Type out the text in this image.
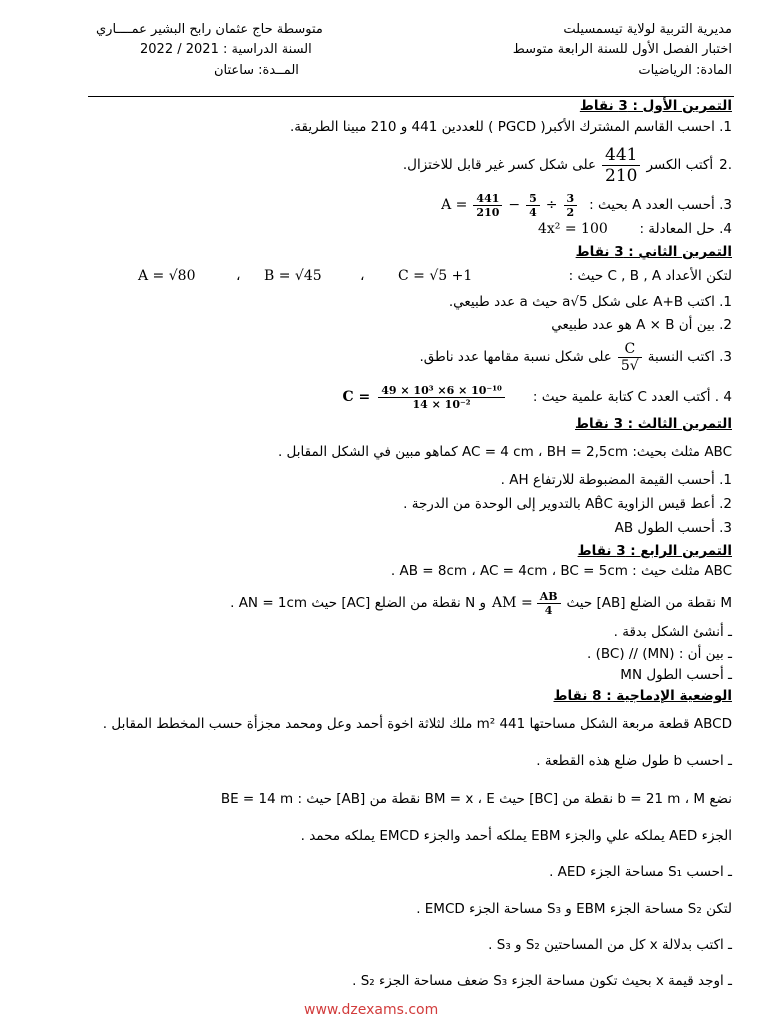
مديرية التربية لولاية تيسمسيلت
اختبار الفصل الأول للسنة الرابعة متوسط
المادة: الرياضيات
متوسطة حاج عثمان رابح البشير عمــــاري
السنة الدراسية : 2021 / 2022
المــدة: ساعتان
التمرين الأول : 3 نقاط
1. احسب القاسم المشترك الأكبر( PGCD ) للعددين 441 و 210 مبينا الطريقة.
.2
أكتب الكسر
$\frac{441}{210}$
على شكل كسر غير قابل للاختزال.
$A = \frac{441}{210} - \frac{5}{4} \div \frac{3}{2} 3$. أحسب العدد A بحيث :
4. حل المعادلة :
4x² = 100
التمرين الثاني : 3 نقاط
لتكن الأعداد C , B , A حيث :
C = √5 +1
،
B = √45
،
A = √80
1. اكتب A+B على شكل a√5 حيث a عدد طبيعي.
2. بين أن A × B هو عدد طبيعي
3. اكتب النسبة
$\frac{C}{√5}$
على شكل نسبة مقامها عدد ناطق.
$C = \frac{\text{49 × 10³ ×6 × 10⁻¹⁰}}{\text{14 × 10⁻²}} 4$ . أكتب العدد C كتابة علمية حيث :
التمرين الثالث : 3 نقاط
ABC مثلث بحيث: AC = 4 cm ، BH = 2,5cm كماهو مبين في الشكل المقابل .
1. أحسب القيمة المضبوطة للارتفاع AH .
2. أعط قيس الزاوية AB̂C بالتدوير إلى الوحدة من الدرجة .
3. أحسب الطول AB
التمرين الرابع : 3 نقاط
ABC مثلث حيث : AB = 8cm ، AC = 4cm ، BC = 5cm .
M نقطة من الضلع [AB] حيث
AM = $\frac{AB}{4}$
و N نقطة من الضلع [AC] حيث AN = 1cm .
ـ أنشئ الشكل بدقة .
ـ بين أن : (MN) // (BC) .
ـ أحسب الطول MN
الوضعية الإدماجية : 8 نقاط
ABCD قطعة مربعة الشكل مساحتها 441 m² ملك لثلاثة اخوة أحمد وعل ومحمد مجزأة حسب المخطط المقابل .
ـ احسب b طول ضلع هذه القطعة .
نضع b = 21 m ، M نقطة من [BC] حيث BM = x ، E نقطة من [AB] حيث : BE = 14 m
الجزء AED يملكه علي والجزء EBM يملكه أحمد والجزء EMCD يملكه محمد .
ـ احسب S₁ مساحة الجزء AED .
لتكن S₂ مساحة الجزء EBM و S₃ مساحة الجزء EMCD .
ـ اكتب بدلالة x كل من المساحتين S₂ و S₃ .
ـ اوجد قيمة x بحيث تكون مساحة الجزء S₃ ضعف مساحة الجزء S₂ .
www.dzexams.com
